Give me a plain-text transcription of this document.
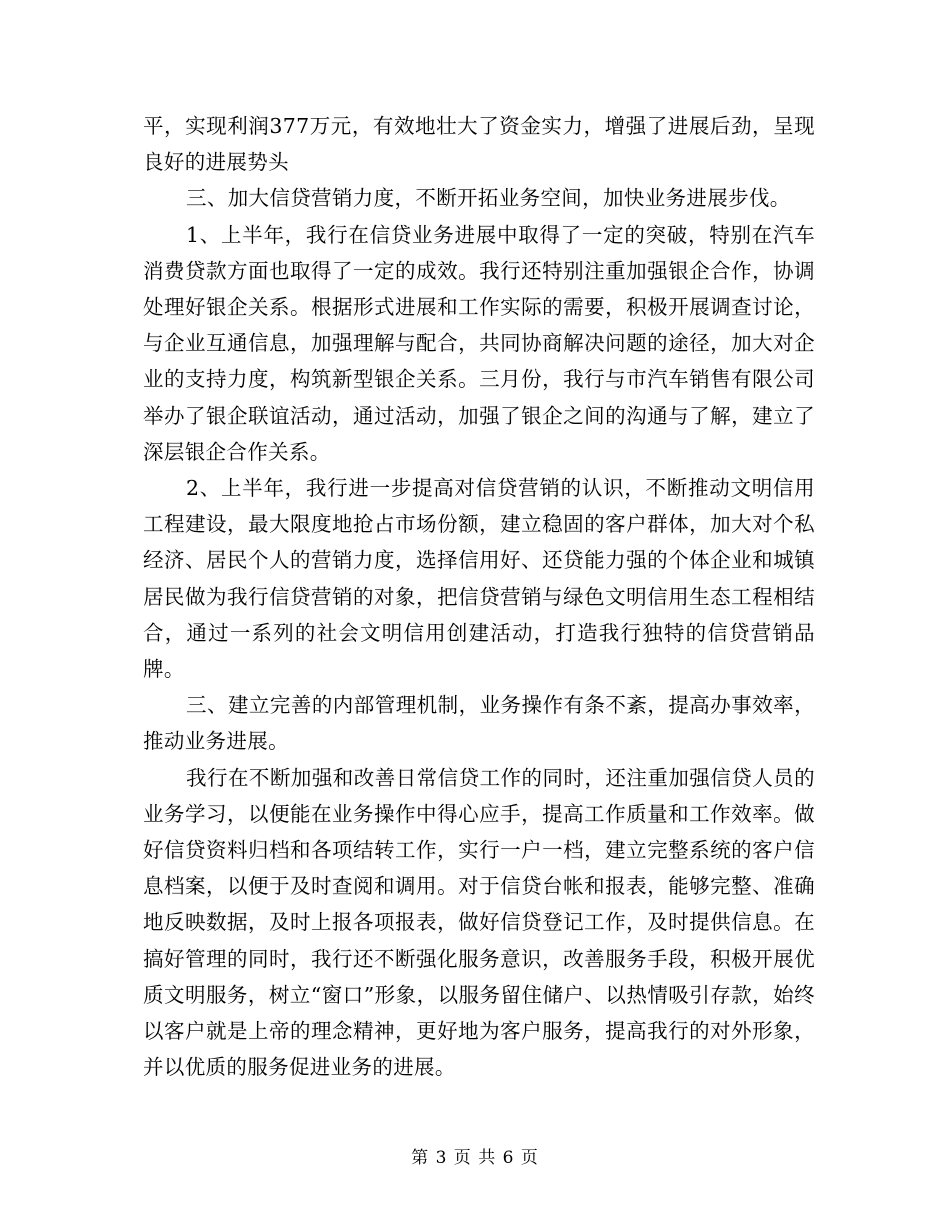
平，实现利润377万元，有效地壮大了资金实力，增强了进展后劲，呈现良好的进展势头

三、加大信贷营销力度，不断开拓业务空间，加快业务进展步伐。

1、上半年，我行在信贷业务进展中取得了一定的突破，特别在汽车消费贷款方面也取得了一定的成效。我行还特别注重加强银企合作，协调处理好银企关系。根据形式进展和工作实际的需要，积极开展调查讨论，与企业互通信息，加强理解与配合，共同协商解决问题的途径，加大对企业的支持力度，构筑新型银企关系。三月份，我行与市汽车销售有限公司举办了银企联谊活动，通过活动，加强了银企之间的沟通与了解，建立了深层银企合作关系。

2、上半年，我行进一步提高对信贷营销的认识，不断推动文明信用工程建设，最大限度地抢占市场份额，建立稳固的客户群体，加大对个私经济、居民个人的营销力度，选择信用好、还贷能力强的个体企业和城镇居民做为我行信贷营销的对象，把信贷营销与绿色文明信用生态工程相结合，通过一系列的社会文明信用创建活动，打造我行独特的信贷营销品牌。

三、建立完善的内部管理机制，业务操作有条不紊，提高办事效率，推动业务进展。

我行在不断加强和改善日常信贷工作的同时，还注重加强信贷人员的业务学习，以便能在业务操作中得心应手，提高工作质量和工作效率。做好信贷资料归档和各项结转工作，实行一户一档，建立完整系统的客户信息档案，以便于及时查阅和调用。对于信贷台帐和报表，能够完整、准确地反映数据，及时上报各项报表，做好信贷登记工作，及时提供信息。在搞好管理的同时，我行还不断强化服务意识，改善服务手段，积极开展优质文明服务，树立“窗口”形象，以服务留住储户、以热情吸引存款，始终以客户就是上帝的理念精神，更好地为客户服务，提高我行的对外形象，并以优质的服务促进业务的进展。

第 3 页 共 6 页
